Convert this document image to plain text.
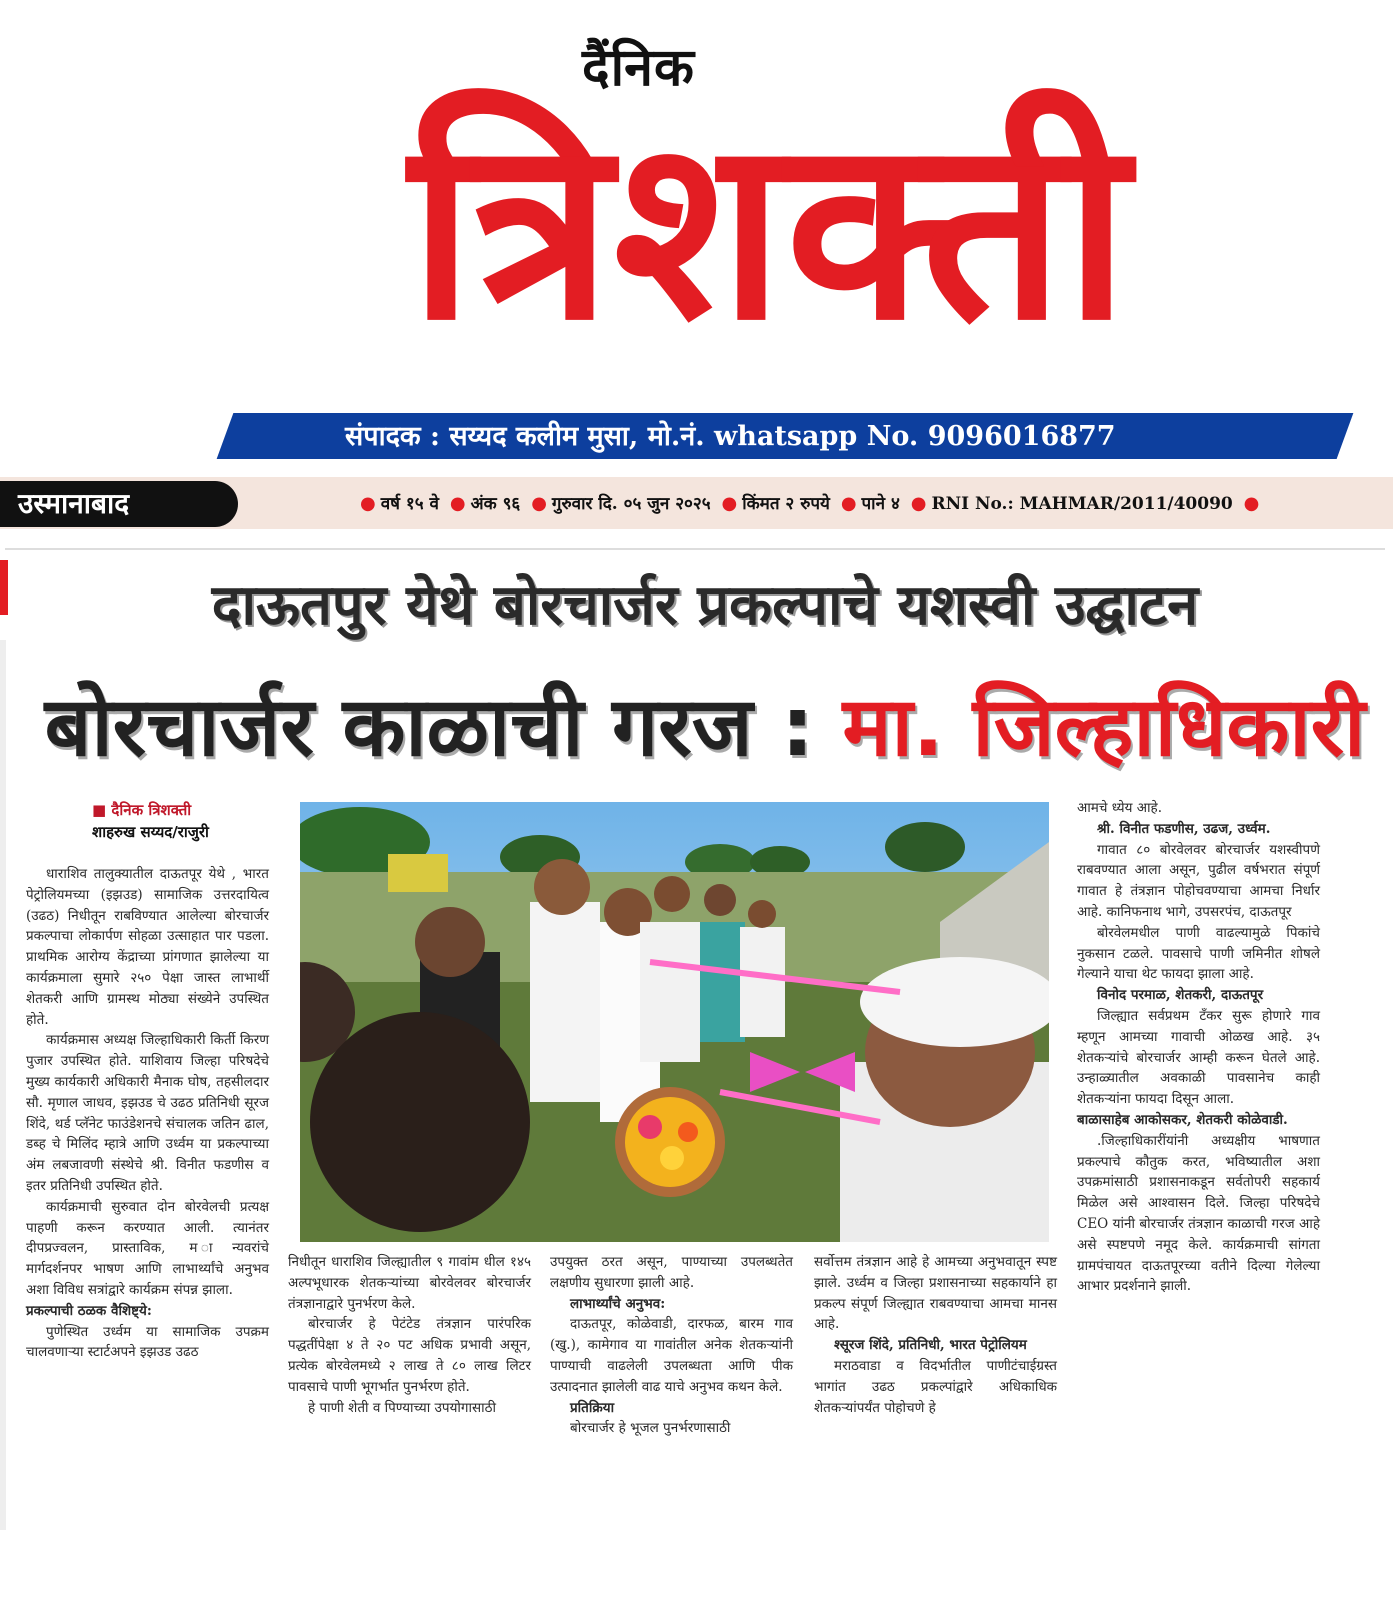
दैंनिक
त्रिशक्ती
संपादक : सय्यद कलीम मुसा, मो.नं. whatsapp No. 9096016877
उस्मानाबाद	● वर्ष १५ वे ● अंक ९६ ● गुरुवार दि. ०५ जुन २०२५ ● किंमत २ रुपये ● पाने ४ ● RNI No.: MAHMAR/2011/40090 ●
दाऊतपुर येथे बोरचार्जर प्रकल्पाचे यशस्वी उद्घाटन
बोरचार्जर काळाची गरज : मा. जिल्हाधिकारी
■ दैनिक त्रिशक्ती
शाहरुख सय्यद/राजुरी

धाराशिव तालुक्यातील दाऊतपूर येथे , भारत पेट्रोलियमच्या (इझउड) सामाजिक उत्तरदायित्व (उढठ) निधीतून राबविण्यात आलेल्या बोरचार्जर प्रकल्पाचा लोकार्पण सोहळा उत्साहात पार पडला. प्राथमिक आरोग्य केंद्राच्या प्रांगणात झालेल्या या कार्यक्रमाला सुमारे २५० पेक्षा जास्त लाभार्थी शेतकरी आणि ग्रामस्थ मोठ्या संख्येने उपस्थित होते.

कार्यक्रमास अध्यक्ष जिल्हाधिकारी किर्ती किरण पुजार उपस्थित होते. याशिवाय जिल्हा परिषदेचे मुख्य कार्यकारी अधिकारी मैनाक घोष, तहसीलदार सौ. मृणाल जाधव, इझउड चे उढठ प्रतिनिधी सूरज शिंदे, थर्ड प्लॅनेट फाउंडेशनचे संचालक जतिन ढाल, डब्ह चे मिलिंद म्हात्रे आणि उर्ध्वम या प्रकल्पाच्या अंम लबजावणी संस्थेचे श्री. विनीत फडणीस व इतर प्रतिनिधी उपस्थित होते.

कार्यक्रमाची सुरुवात दोन बोरवेलची प्रत्यक्ष पाहणी करून करण्यात आली. त्यानंतर दीपप्रज्वलन, प्रास्ताविक, म ान्यवरांचे मार्गदर्शनपर भाषण आणि लाभार्थ्यांचे अनुभव अशा विविध सत्रांद्वारे कार्यक्रम संपन्न झाला.

प्रकल्पाची ठळक वैशिष्ट्ये:

पुणेस्थित उर्ध्वम या सामाजिक उपक्रम चालवणाऱ्या स्टार्टअपने इझउड उढठ

निधीतून धाराशिव जिल्ह्यातील ९ गावांम धील १४५ अल्पभूधारक शेतकऱ्यांच्या बोरवेलवर बोरचार्जर तंत्रज्ञानाद्वारे पुनर्भरण केले.

बोरचार्जर हे पेटंटेड तंत्रज्ञान पारंपरिक पद्धतींपेक्षा ४ ते २० पट अधिक प्रभावी असून, प्रत्येक बोरवेलमध्ये २ लाख ते ८० लाख लिटर पावसाचे पाणी भूगर्भात पुनर्भरण होते.

हे पाणी शेती व पिण्याच्या उपयोगासाठी

उपयुक्त ठरत असून, पाण्याच्या उपलब्धतेत लक्षणीय सुधारणा झाली आहे.

लाभार्थ्यांचे अनुभव:

दाऊतपूर, कोळेवाडी, दारफळ, बारम गाव (खु.), कामेगाव या गावांतील अनेक शेतकऱ्यांनी पाण्याची वाढलेली उपलब्धता आणि पीक उत्पादनात झालेली वाढ याचे अनुभव कथन केले.

प्रतिक्रिया

बोरचार्जर हे भूजल पुनर्भरणासाठी

सर्वोत्तम तंत्रज्ञान आहे हे आमच्या अनुभवातून स्पष्ट झाले. उर्ध्वम व जिल्हा प्रशासनाच्या सहकार्याने हा प्रकल्प संपूर्ण जिल्ह्यात राबवण्याचा आमचा मानस आहे.

श्सूरज शिंदे, प्रतिनिधी, भारत पेट्रोलियम

मराठवाडा व विदर्भातील पाणीटंचाईग्रस्त भागांत उढठ प्रकल्पांद्वारे अधिकाधिक शेतकऱ्यांपर्यंत पोहोचणे हे

आमचे ध्येय आहे.

श्री. विनीत फडणीस, उढज, उर्ध्वम.

गावात ८० बोरवेलवर बोरचार्जर यशस्वीपणे राबवण्यात आला असून, पुढील वर्षभरात संपूर्ण गावात हे तंत्रज्ञान पोहोचवण्याचा आमचा निर्धार आहे. कानिफनाथ भागे, उपसरपंच, दाऊतपूर

बोरवेलमधील पाणी वाढल्यामुळे पिकांचे नुकसान टळले. पावसाचे पाणी जमिनीत शोषले गेल्याने याचा थेट फायदा झाला आहे.

विनोद परमाळ, शेतकरी, दाऊतपूर

जिल्ह्यात सर्वप्रथम टँकर सुरू होणारे गाव म्हणून आमच्या गावाची ओळख आहे. ३५ शेतकऱ्यांचे बोरचार्जर आम्ही करून घेतले आहे. उन्हाळ्यातील अवकाळी पावसानेच काही शेतकऱ्यांना फायदा दिसून आला.

बाळासाहेब आकोसकर, शेतकरी कोळेवाडी.

.जिल्हाधिकारींयांनी अध्यक्षीय भाषणात प्रकल्पाचे कौतुक करत, भविष्यातील अशा उपक्रमांसाठी प्रशासनाकडून सर्वतोपरी सहकार्य मिळेल असे आश्वासन दिले. जिल्हा परिषदेचे CEO यांनी बोरचार्जर तंत्रज्ञान काळाची गरज आहे असे स्पष्टपणे नमूद केले. कार्यक्रमाची सांगता ग्रामपंचायत दाऊतपूरच्या वतीने दिल्या गेलेल्या आभार प्रदर्शनाने झाली.
